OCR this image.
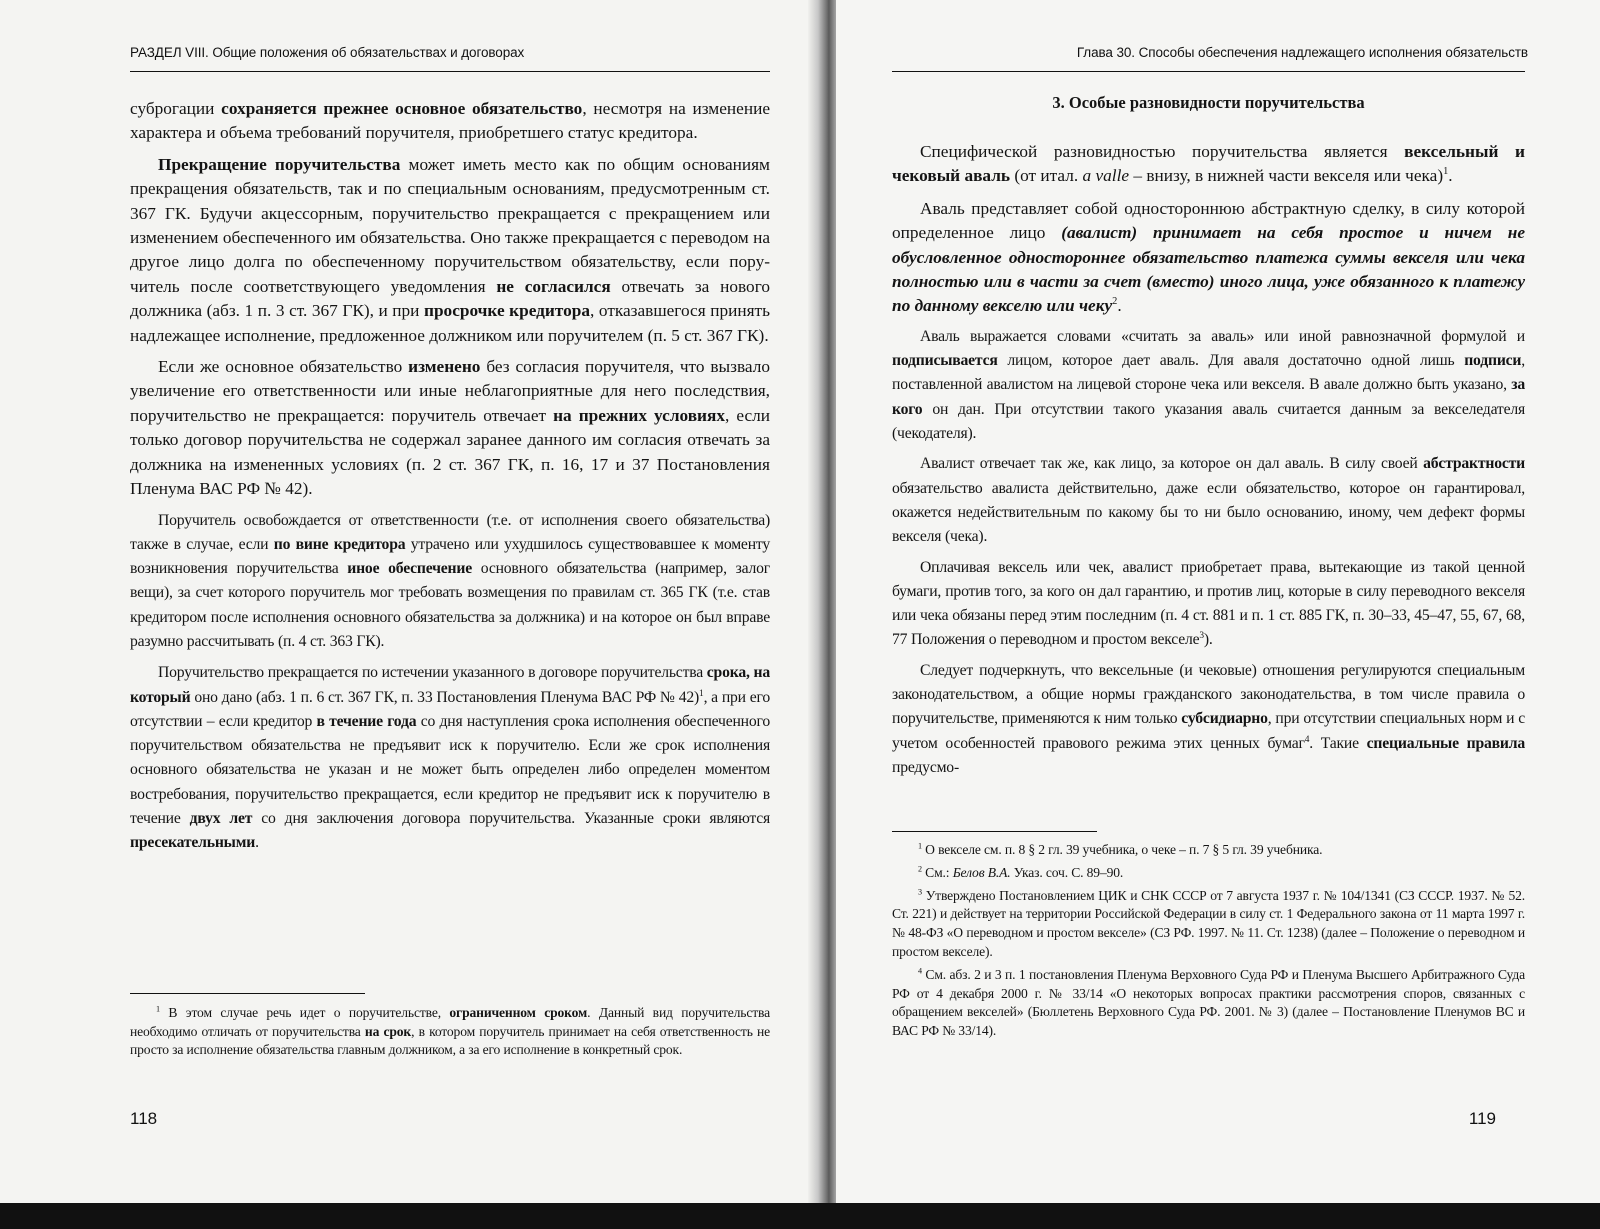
РАЗДЕЛ VIII. Общие положения об обязательствах и договорах

суброгации сохраняется прежнее основное обязательство, несмотря на изменение характера и объема требований поручителя, приобретшего статус кредитора.

Прекращение поручительства может иметь место как по общим основаниям прекращения обязательств, так и по специальным основаниям, предусмотренным ст. 367 ГК. Будучи акцессорным, поручительство прекращается с прекращением или изменением обеспеченного им обязательства. Оно также прекращается с переводом на другое лицо долга по обеспеченному поручительством обязательству, если поручитель после соответствующего уведомления не согласился отвечать за нового должника (абз. 1 п. 3 ст. 367 ГК), и при просрочке кредитора, отказавшегося принять надлежащее исполнение, предложенное должником или поручителем (п. 5 ст. 367 ГК).

Если же основное обязательство изменено без согласия поручителя, что вызвало увеличение его ответственности или иные неблагоприятные для него последствия, поручительство не прекращается: поручитель отвечает на прежних условиях, если только договор поручительства не содержал заранее данного им согласия отвечать за должника на измененных условиях (п. 2 ст. 367 ГК, п. 16, 17 и 37 Постановления Пленума ВАС РФ № 42).

Поручитель освобождается от ответственности (т.е. от исполнения своего обязательства) также в случае, если по вине кредитора утрачено или ухудшилось существовавшее к моменту возникновения поручительства иное обеспечение основного обязательства (например, залог вещи), за счет которого поручитель мог требовать возмещения по правилам ст. 365 ГК (т.е. став кредитором после исполнения основного обязательства за должника) и на которое он был вправе разумно рассчитывать (п. 4 ст. 363 ГК).

Поручительство прекращается по истечении указанного в договоре поручительства срока, на который оно дано (абз. 1 п. 6 ст. 367 ГК, п. 33 Постановления Пленума ВАС РФ № 42)$^1$, а при его отсутствии – если кредитор в течение года со дня наступления срока исполнения обеспеченного поручительством обязательства не предъявит иск к поручителю. Если же срок исполнения основного обязательства не указан и не может быть определен либо определен моментом востребования, поручительство прекращается, если кредитор не предъявит иск к поручителю в течение двух лет со дня заключения договора поручительства. Указанные сроки являются пресекательными.

$^1$ В этом случае речь идет о поручительстве, ограниченном сроком. Данный вид поручительства необходимо отличать от поручительства на срок, в котором поручитель принимает на себя ответственность не просто за исполнение обязательства главным должником, а за его исполнение в конкретный срок.

118
Глава 30. Способы обеспечения надлежащего исполнения обязательств
3. Особые разновидности поручительства

Специфической разновидностью поручительства является вексельный и чековый аваль (от итал. a valle – внизу, в нижней части векселя или чека)$^1$.

Аваль представляет собой одностороннюю абстрактную сделку, в силу которой определенное лицо (авалист) принимает на себя простое и ничем не обусловленное одностороннее обязательство платежа суммы векселя или чека полностью или в части за счет (вместо) иного лица, уже обязанного к платежу по данному векселю или чеку$^2$.

Аваль выражается словами «считать за аваль» или иной равнозначной формулой и подписывается лицом, которое дает аваль. Для аваля достаточно одной лишь подписи, поставленной авалистом на лицевой стороне чека или векселя. В авале должно быть указано, за кого он дан. При отсутствии такого указания аваль считается данным за векселедателя (чекодателя).

Авалист отвечает так же, как лицо, за которое он дал аваль. В силу своей абстрактности обязательство авалиста действительно, даже если обязательство, которое он гарантировал, окажется недействительным по какому бы то ни было основанию, иному, чем дефект формы векселя (чека).

Оплачивая вексель или чек, авалист приобретает права, вытекающие из такой ценной бумаги, против того, за кого он дал гарантию, и против лиц, которые в силу переводного векселя или чека обязаны перед этим последним (п. 4 ст. 881 и п. 1 ст. 885 ГК, п. 30–33, 45–47, 55, 67, 68, 77 Положения о переводном и простом векселе$^3$).

Следует подчеркнуть, что вексельные (и чековые) отношения регулируются специальным законодательством, а общие нормы гражданского законодательства, в том числе правила о поручительстве, применяются к ним только субсидиарно, при отсутствии специальных норм и с учетом особенностей правового режима этих ценных бумаг$^4$. Такие специальные правила предусмо-

$^1$ О векселе см. п. 8 § 2 гл. 39 учебника, о чеке – п. 7 § 5 гл. 39 учебника.

$^2$ См.: Белов В.А. Указ. соч. С. 89–90.

$^3$ Утверждено Постановлением ЦИК и СНК СССР от 7 августа 1937 г. № 104/1341 (СЗ СССР. 1937. № 52. Ст. 221) и действует на территории Российской Федерации в силу ст. 1 Федерального закона от 11 марта 1997 г. № 48-ФЗ «О переводном и простом векселе» (СЗ РФ. 1997. № 11. Ст. 1238) (далее – Положение о переводном и простом векселе).

$^4$ См. абз. 2 и 3 п. 1 постановления Пленума Верховного Суда РФ и Пленума Высшего Арбитражного Суда РФ от 4 декабря 2000 г. № 33/14 «О некоторых вопросах практики рассмотрения споров, связанных с обращением векселей» (Бюллетень Верховного Суда РФ. 2001. № 3) (далее – Постановление Пленумов ВС и ВАС РФ № 33/14).

119
